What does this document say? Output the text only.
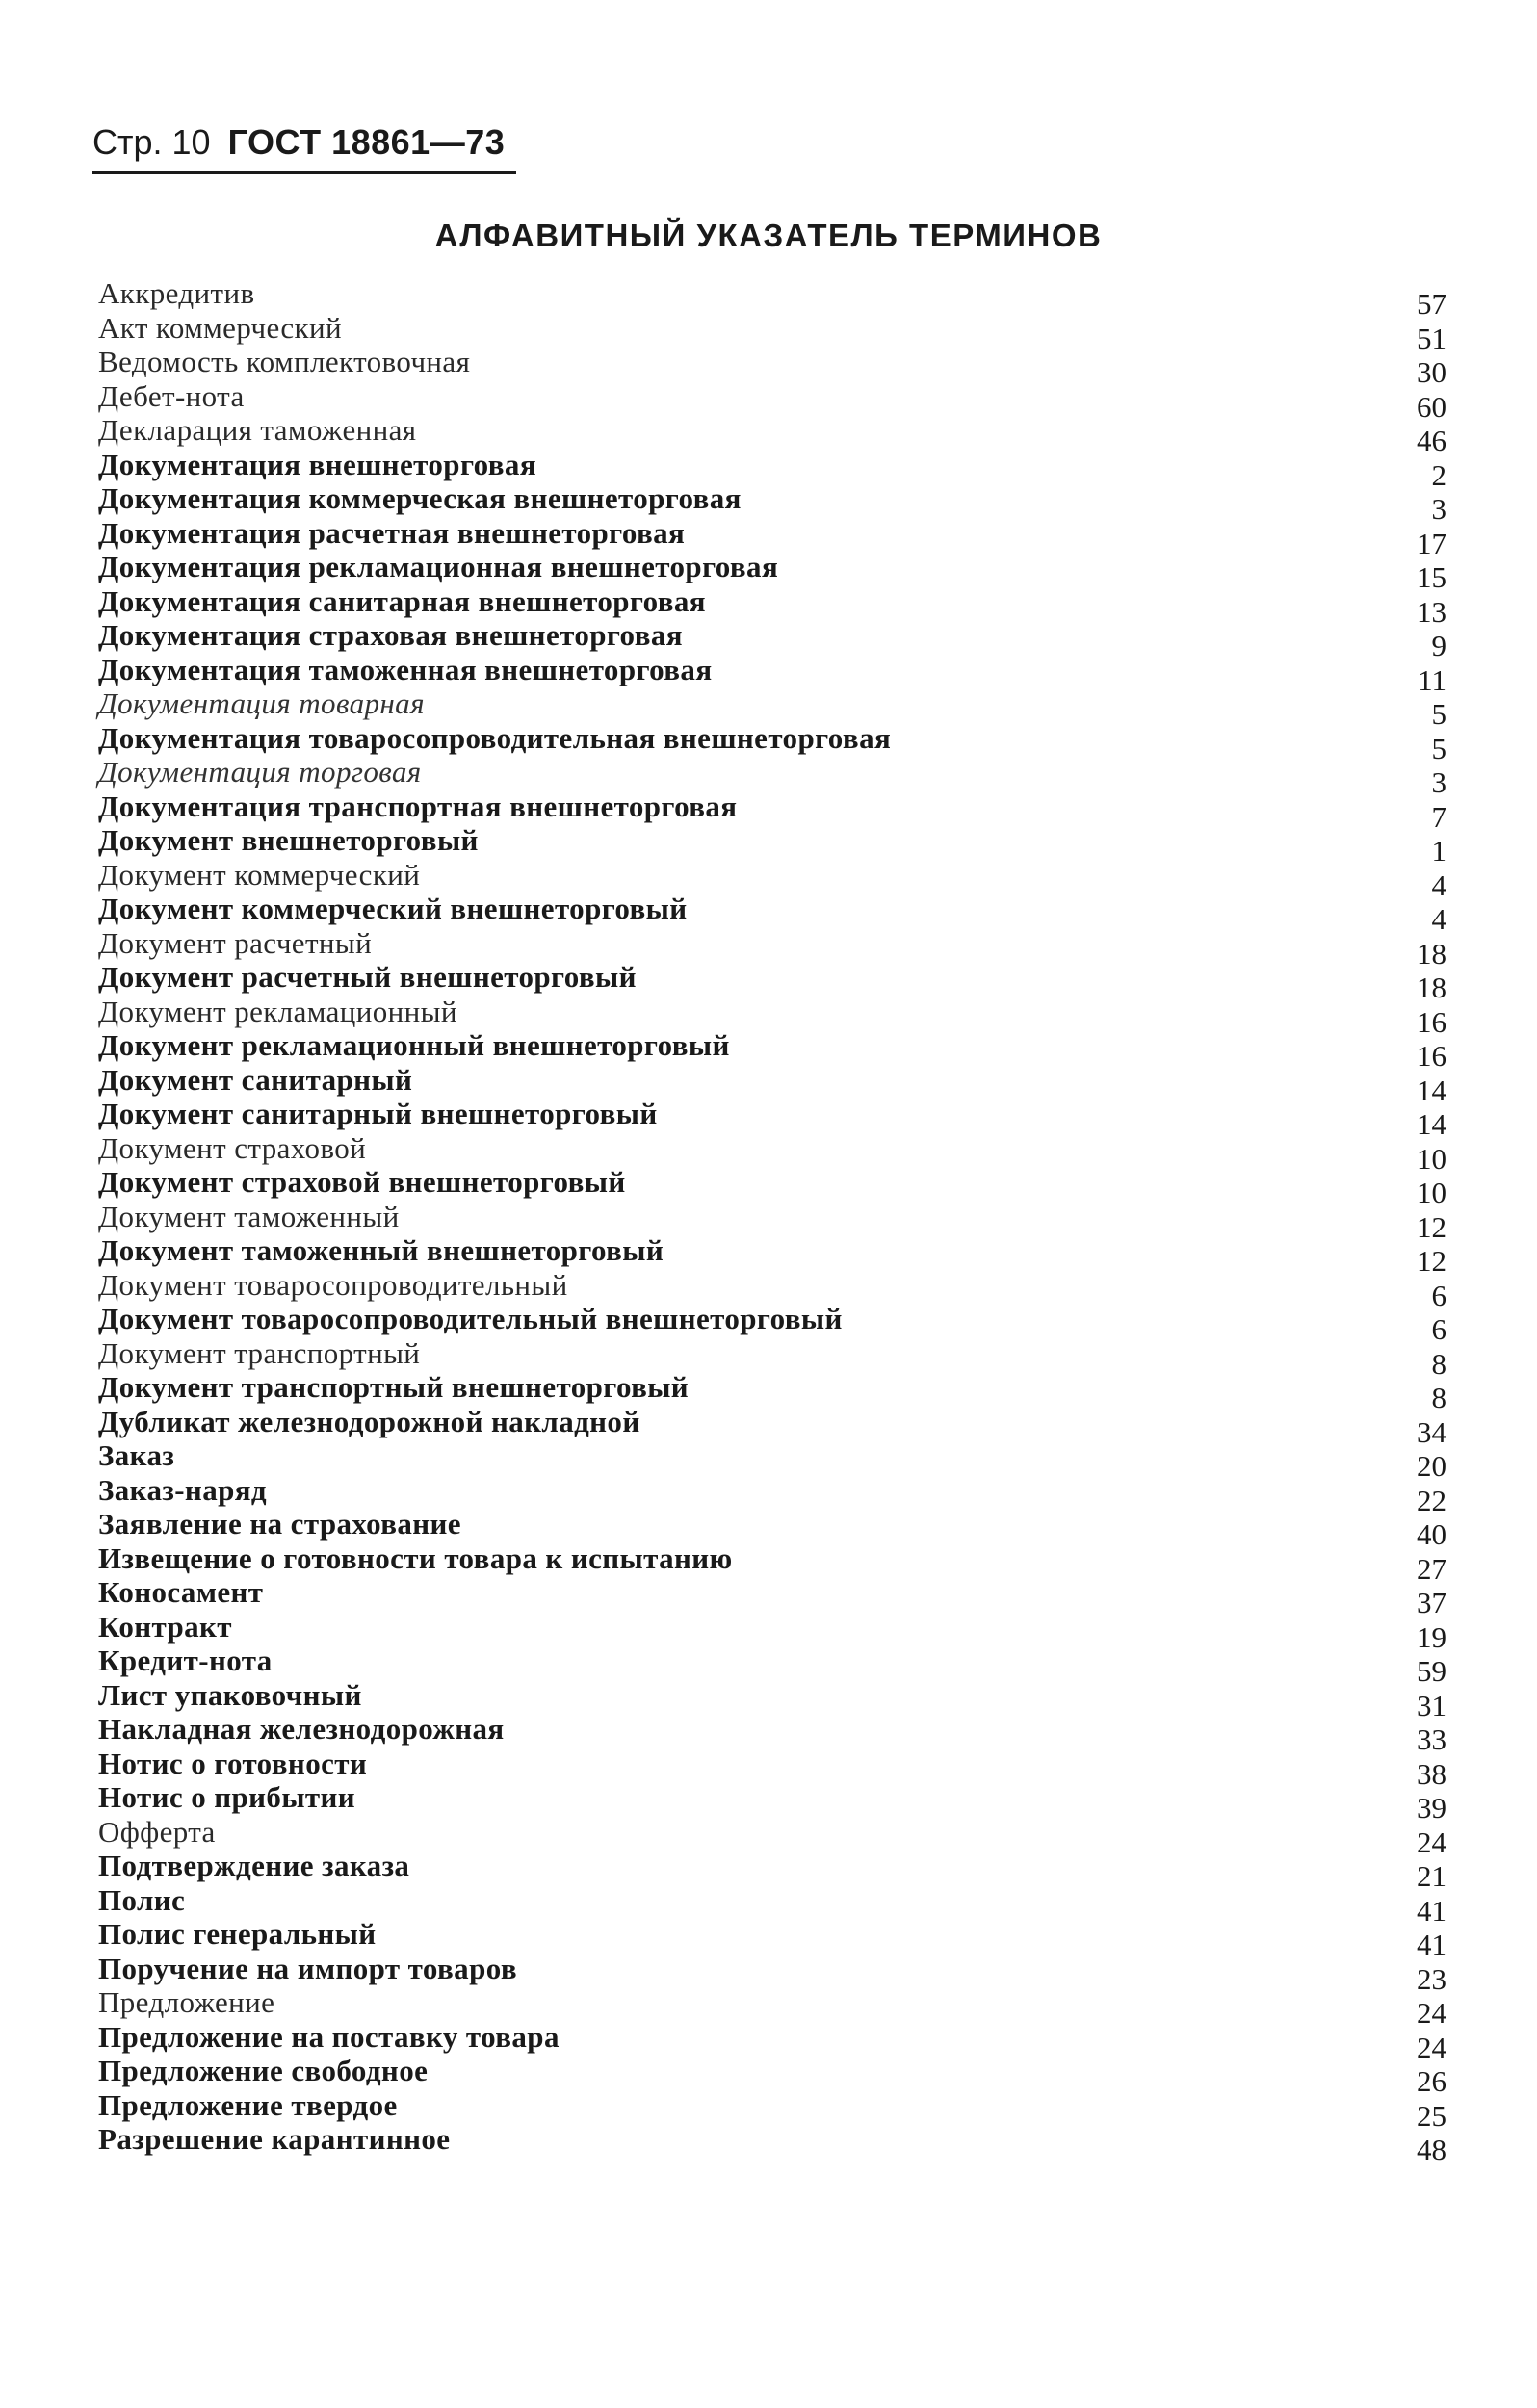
Стр. 10 ГОСТ 18861—73
АЛФАВИТНЫЙ УКАЗАТЕЛЬ ТЕРМИНОВ
Аккредитив	57
Акт коммерческий	51
Ведомость комплектовочная	30
Дебет-нота	60
Декларация таможенная	46
Документация внешнеторговая	2
Документация коммерческая внешнеторговая	3
Документация расчетная внешнеторговая	17
Документация рекламационная внешнеторговая	15
Документация санитарная внешнеторговая	13
Документация страховая внешнеторговая	9
Документация таможенная внешнеторговая	11
Документация товарная	5
Документация товаросопроводительная внешнеторговая	5
Документация торговая	3
Документация транспортная внешнеторговая	7
Документ внешнеторговый	1
Документ коммерческий	4
Документ коммерческий внешнеторговый	4
Документ расчетный	18
Документ расчетный внешнеторговый	18
Документ рекламационный	16
Документ рекламационный внешнеторговый	16
Документ санитарный	14
Документ санитарный внешнеторговый	14
Документ страховой	10
Документ страховой внешнеторговый	10
Документ таможенный	12
Документ таможенный внешнеторговый	12
Документ товаросопроводительный	6
Документ товаросопроводительный внешнеторговый	6
Документ транспортный	8
Документ транспортный внешнеторговый	8
Дубликат железнодорожной накладной	34
Заказ	20
Заказ-наряд	22
Заявление на страхование	40
Извещение о готовности товара к испытанию	27
Коносамент	37
Контракт	19
Кредит-нота	59
Лист упаковочный	31
Накладная железнодорожная	33
Нотис о готовности	38
Нотис о прибытии	39
Офферта	24
Подтверждение заказа	21
Полис	41
Полис генеральный	41
Поручение на импорт товаров	23
Предложение	24
Предложение на поставку товара	24
Предложение свободное	26
Предложение твердое	25
Разрешение карантинное	48
